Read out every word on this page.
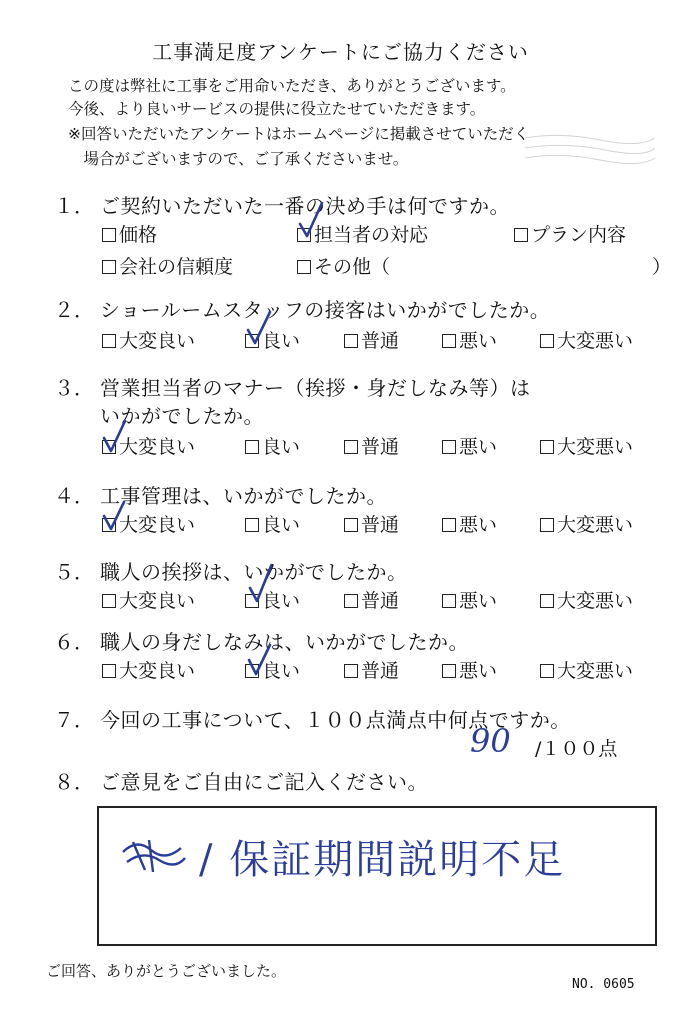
工事満足度アンケートにご協力ください
この度は弊社に工事をご用命いただき、ありがとうございます。
今後、より良いサービスの提供に役立たせていただきます。
※回答いただいたアンケートはホームページに掲載させていただく
　場合がございますので、ご了承くださいませ。
１． ご契約いただいた一番の決め手は何ですか。
価格	担当者の対応	プラン内容
会社の信頼度	その他（	）
２． ショールームスタッフの接客はいかがでしたか。
大変良い	良い	普通	悪い	大変悪い
３． 営業担当者のマナー（挨拶・身だしなみ等）は
いかがでしたか。
大変良い	良い	普通	悪い	大変悪い
４． 工事管理は、いかがでしたか。
大変良い	良い	普通	悪い	大変悪い
５． 職人の挨拶は、いかがでしたか。
大変良い	良い	普通	悪い	大変悪い
６． 職人の身だしなみは、いかがでしたか。
大変良い	良い	普通	悪い	大変悪い
７． 今回の工事について、１００点満点中何点ですか。
90 /１００点
８． ご意見をご自由にご記入ください。
/ 保証期間説明不足
ご回答、ありがとうございました。
NO. 0605
